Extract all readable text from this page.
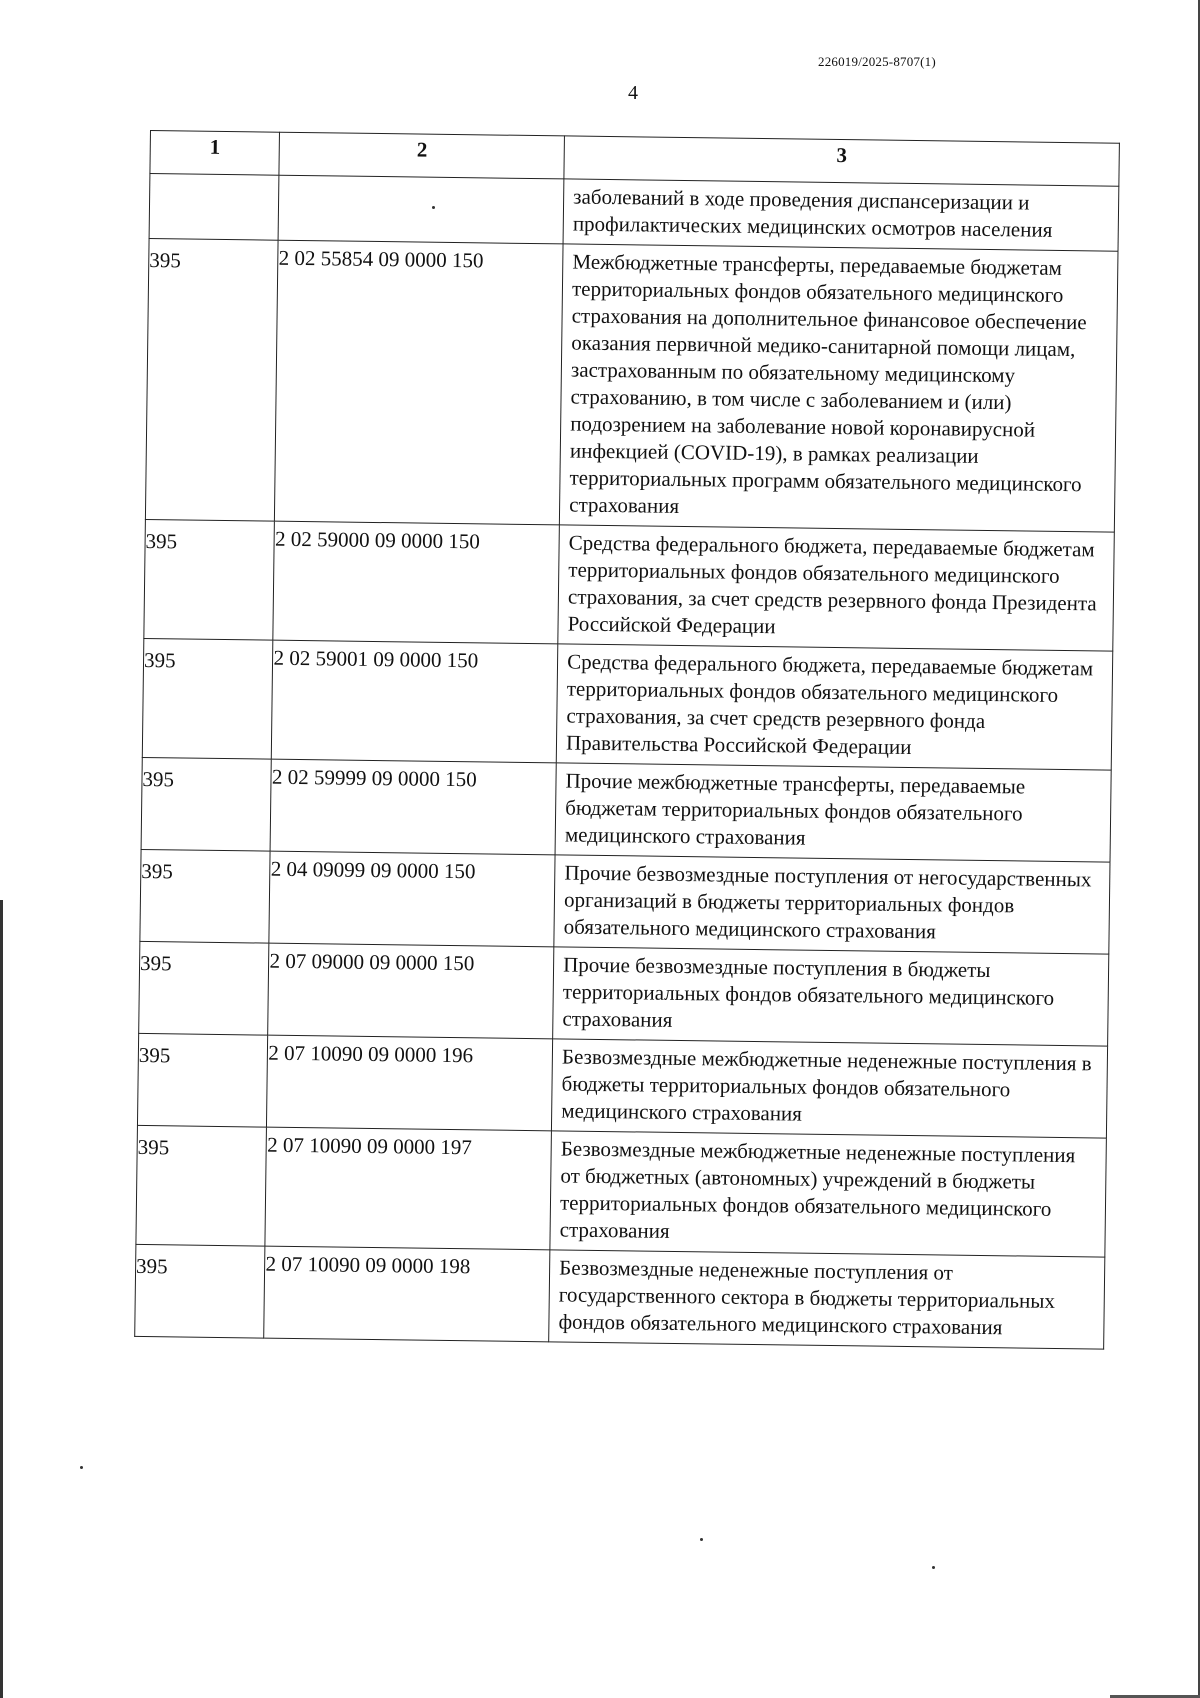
226019/2025-8707(1)
4
1	2	3
		заболеваний в ходе проведения диспансеризации и профилактических медицинских осмотров населения
395	2 02 55854 09 0000 150	Межбюджетные трансферты, передаваемые бюджетам территориальных фондов обязательного медицинского страхования на дополнительное финансовое обеспечение оказания первичной медико-санитарной помощи лицам, застрахованным по обязательному медицинскому страхованию, в том числе с заболеванием и (или) подозрением на заболевание новой коронавирусной инфекцией (COVID-19), в рамках реализации территориальных программ обязательного медицинского страхования
395	2 02 59000 09 0000 150	Средства федерального бюджета, передаваемые бюджетам территориальных фондов обязательного медицинского страхования, за счет средств резервного фонда Президента Российской Федерации
395	2 02 59001 09 0000 150	Средства федерального бюджета, передаваемые бюджетам территориальных фондов обязательного медицинского страхования, за счет средств резервного фонда Правительства Российской Федерации
395	2 02 59999 09 0000 150	Прочие межбюджетные трансферты, передаваемые бюджетам территориальных фондов обязательного медицинского страхования
395	2 04 09099 09 0000 150	Прочие безвозмездные поступления от негосударственных организаций в бюджеты территориальных фондов обязательного медицинского страхования
395	2 07 09000 09 0000 150	Прочие безвозмездные поступления в бюджеты территориальных фондов обязательного медицинского страхования
395	2 07 10090 09 0000 196	Безвозмездные межбюджетные неденежные поступления в бюджеты территориальных фондов обязательного медицинского страхования
395	2 07 10090 09 0000 197	Безвозмездные межбюджетные неденежные поступления от бюджетных (автономных) учреждений в бюджеты территориальных фондов обязательного медицинского страхования
395	2 07 10090 09 0000 198	Безвозмездные неденежные поступления от государственного сектора в бюджеты территориальных фондов обязательного медицинского страхования
